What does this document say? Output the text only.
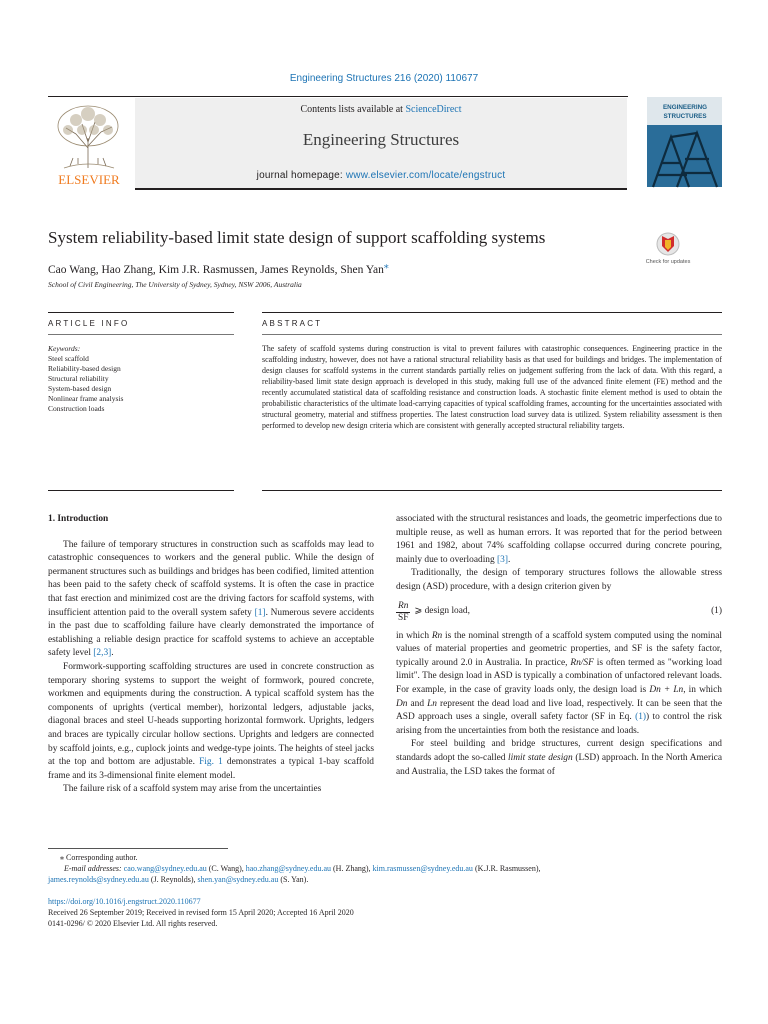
Engineering Structures 216 (2020) 110677
Contents lists available at ScienceDirect
Engineering Structures
journal homepage: www.elsevier.com/locate/engstruct
ELSEVIER
ENGINEERING
STRUCTURES
System reliability-based limit state design of support scaffolding systems
Cao Wang, Hao Zhang, Kim J.R. Rasmussen, James Reynolds, Shen Yan⁎
School of Civil Engineering, The University of Sydney, Sydney, NSW 2006, Australia
Check for updates
ARTICLE INFO	ABSTRACT
Keywords:
Steel scaffold
Reliability-based design
Structural reliability
System-based design
Nonlinear frame analysis
Construction loads
The safety of scaffold systems during construction is vital to prevent failures with catastrophic consequences. Engineering practice in the scaffolding industry, however, does not have a rational structural reliability basis as that used for buildings and bridges. The implementation of design clauses for scaffold systems in the current standards partially relies on judgement suffering from the lack of data. With this regard, a reliability-based limit state design approach is developed in this study, making full use of the advanced finite element (FE) method and the recently accumulated statistical data of scaffolding resistance and construction loads. A stochastic finite element method is used to obtain the probabilistic characteristics of the ultimate load-carrying capacities of typical scaffolding frames, accounting for the uncertainties associated with structural geometry, material and stiffness properties. The latest construction load survey data is utilized. System reliability assessment is then performed to develop new design criteria which are consistent with generally accepted structural reliability targets.
1. Introduction

The failure of temporary structures in construction such as scaffolds may lead to catastrophic consequences to workers and the general public. While the design of permanent structures such as buildings and bridges has been codified, limited attention has been paid to the safety check of scaffold systems. It is often the case in practice that fast erection and minimized cost are the driving factors for scaffold systems, with insufficient attention paid to the overall system safety [1]. Numerous severe accidents in the past due to scaffolding failure have clearly demonstrated the importance of establishing a reliable design practice for scaffold systems to achieve an acceptable safety level [2,3].

Formwork-supporting scaffolding structures are used in concrete construction as temporary shoring systems to support the weight of formwork, poured concrete, workmen and equipments during the construction. A typical scaffold system has the components of uprights (vertical member), horizontal ledgers, adjustable jacks, diagonal braces and steel U-heads supporting horizontal formwork. Uprights, ledgers and braces are typically circular hollow sections. Uprights and ledgers are connected by scaffold joints, e.g., cuplock joints and wedge-type joints. The heights of steel jacks at the top and bottom are adjustable. Fig. 1 demonstrates a typical 1-bay scaffold frame and its 3-dimensional finite element model.

The failure risk of a scaffold system may arise from the uncertainties

associated with the structural resistances and loads, the geometric imperfections due to multiple reuse, as well as human errors. It was reported that for the period between 1961 and 1982, about 74% scaffolding collapse occurred during concrete pouring, mainly due to overloading [3].

Traditionally, the design of temporary structures follows the allowable stress design (ASD) procedure, with a design criterion given by

$\frac{Rn}{SF}$ ⩾ design load,	(1)

in which Rn is the nominal strength of a scaffold system computed using the nominal values of material properties and geometric properties, and SF is the safety factor, typically around 2.0 in Australia. In practice, Rn/SF is often termed as "working load limit". The design load in ASD is typically a combination of unfactored relevant loads. For example, in the case of gravity loads only, the design load is Dn + Ln, in which Dn and Ln represent the dead load and live load, respectively. It can be seen that the ASD approach uses a single, overall safety factor (SF in Eq. (1)) to control the risk arising from the uncertainties from both the resistance and loads.

For steel building and bridge structures, current design specifications and standards adopt the so-called limit state design (LSD) approach. In the North America and Australia, the LSD takes the format of

⁎ Corresponding author.
E-mail addresses: cao.wang@sydney.edu.au (C. Wang), hao.zhang@sydney.edu.au (H. Zhang), kim.rasmussen@sydney.edu.au (K.J.R. Rasmussen),
james.reynolds@sydney.edu.au (J. Reynolds), shen.yan@sydney.edu.au (S. Yan).
https://doi.org/10.1016/j.engstruct.2020.110677
Received 26 September 2019; Received in revised form 15 April 2020; Accepted 16 April 2020
0141-0296/ © 2020 Elsevier Ltd. All rights reserved.
